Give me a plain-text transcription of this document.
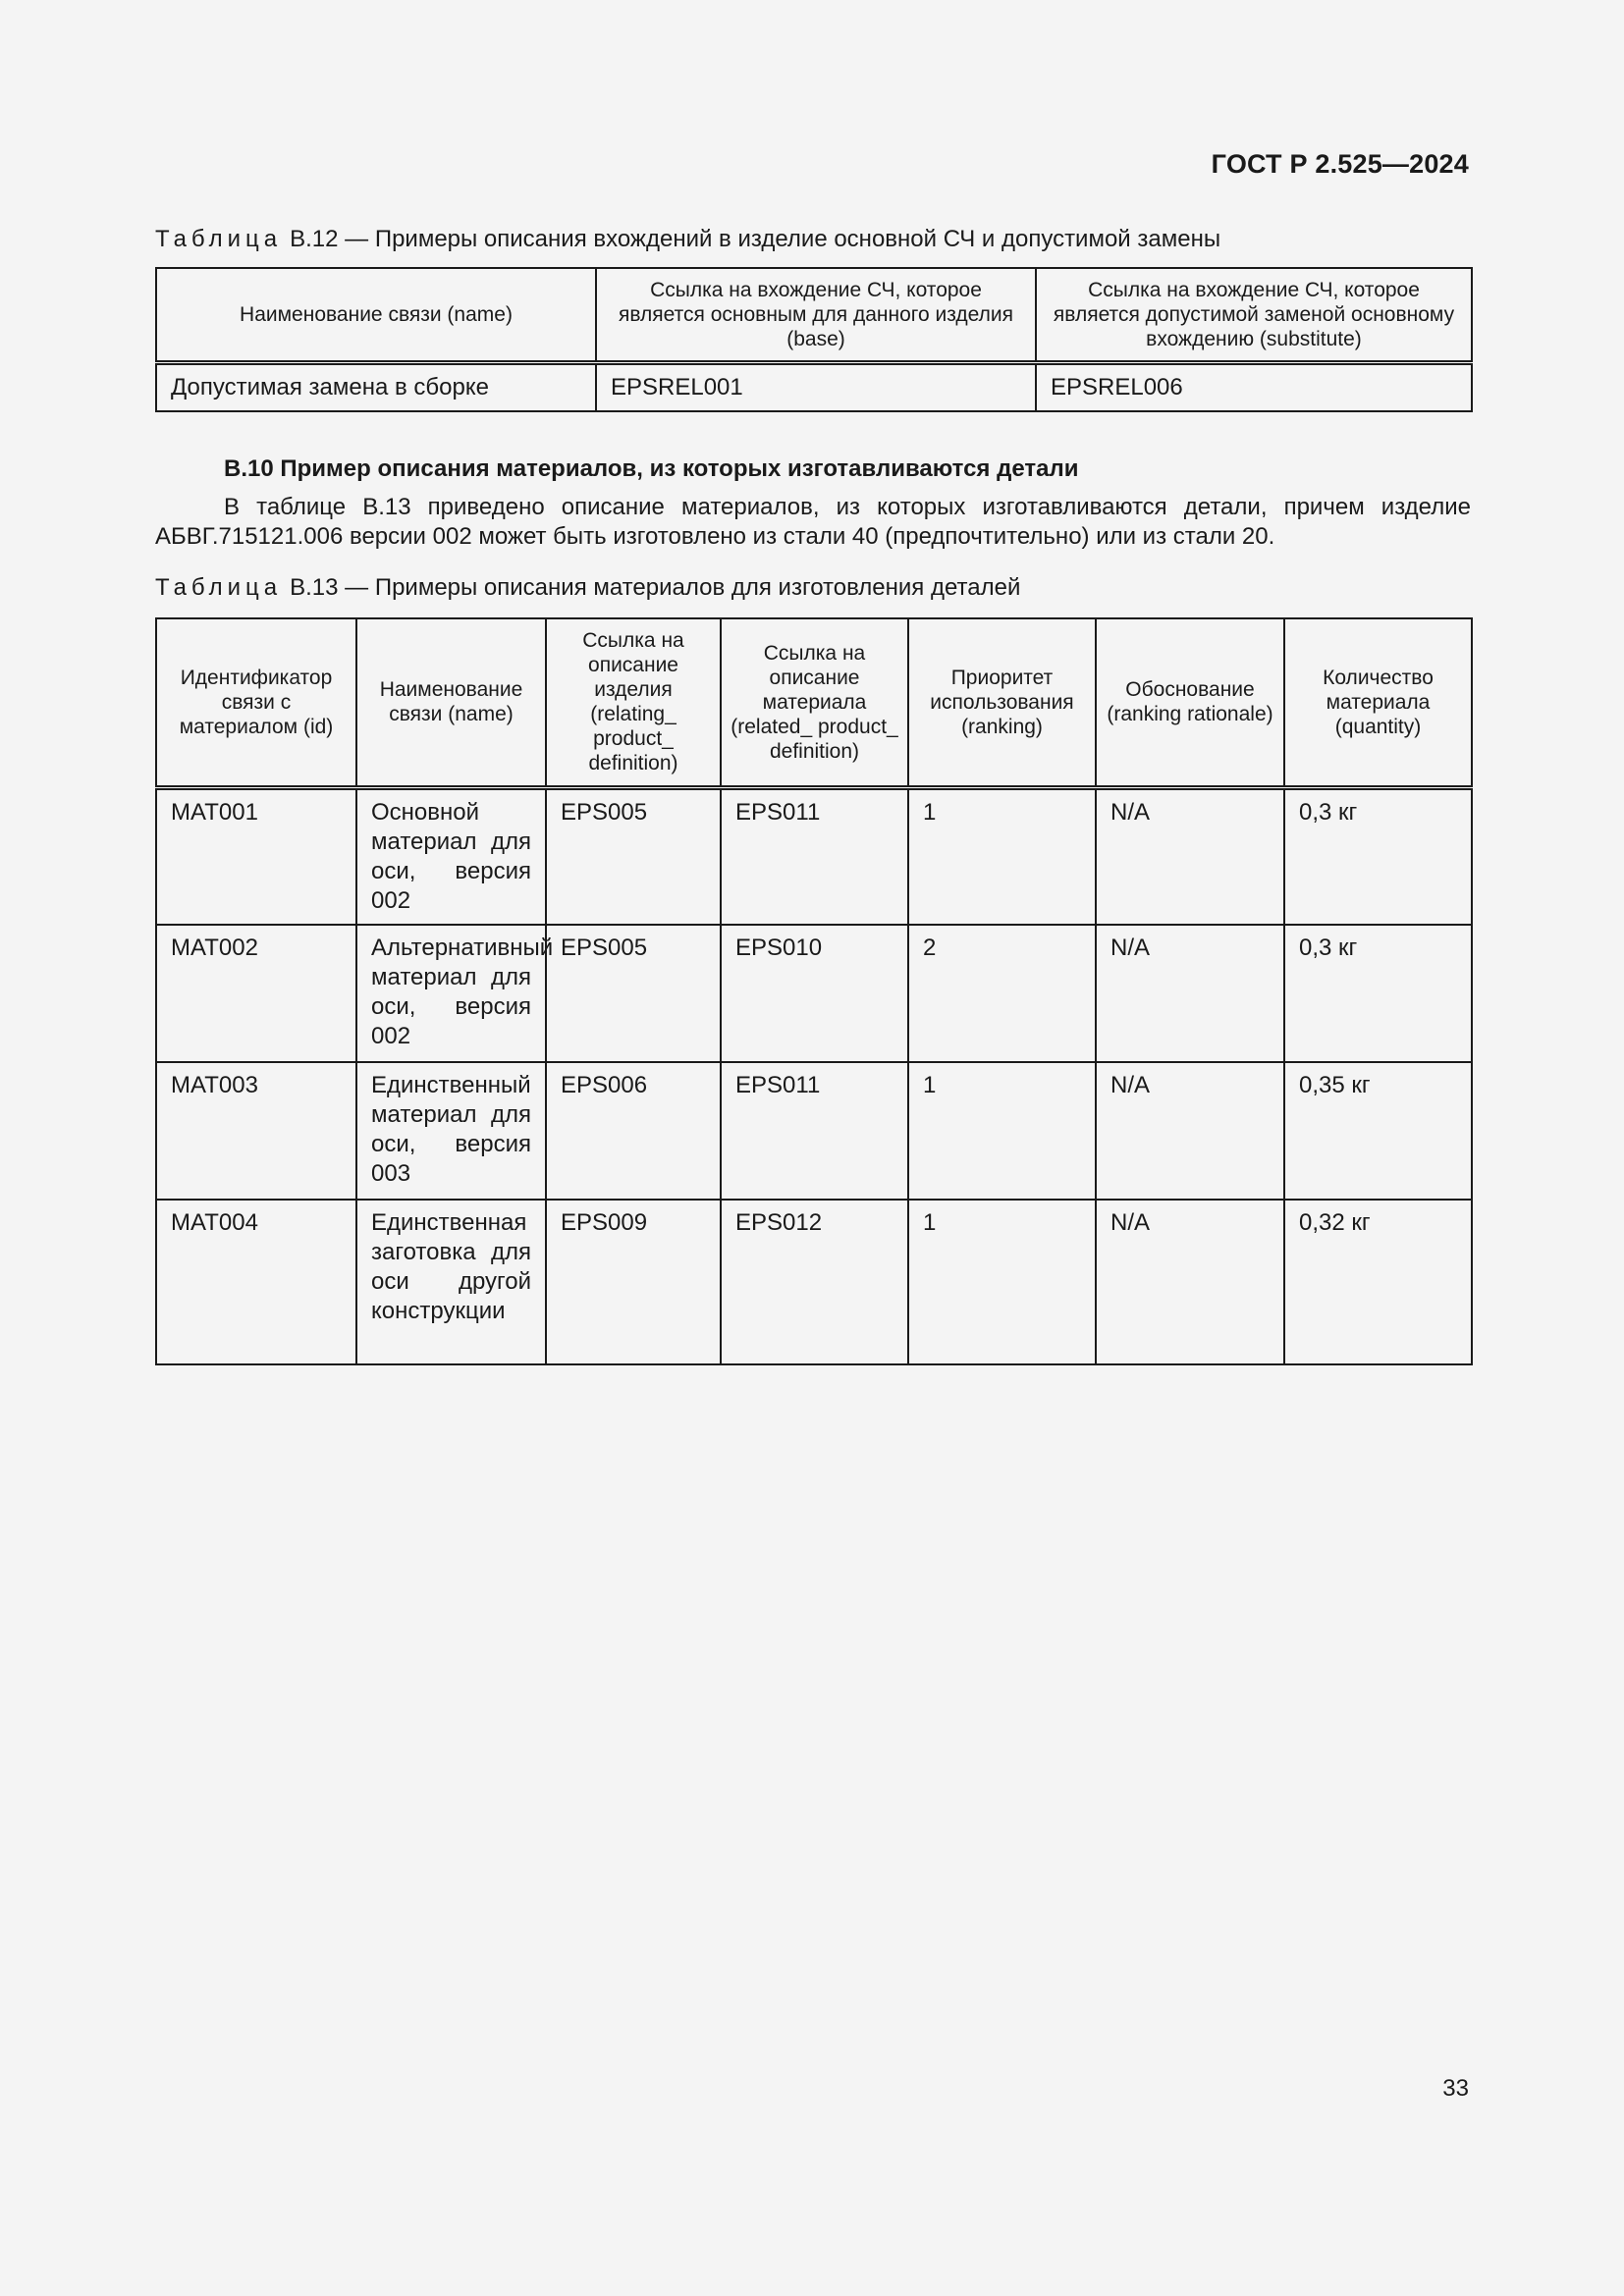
ГОСТ Р 2.525—2024
Таблица В.12 — Примеры описания вхождений в изделие основной СЧ и допустимой замены
Наименование связи (name)	Ссылка на вхождение СЧ, которое является основным для данного изделия (base)	Ссылка на вхождение СЧ, которое является допустимой заменой основному вхождению (substitute)
Допустимая замена в сборке	EPSREL001	EPSREL006
В.10 Пример описания материалов, из которых изготавливаются детали
В таблице В.13 приведено описание материалов, из которых изготавливаются детали, причем изделие АБВГ.715121.006 версии 002 может быть изготовлено из стали 40 (предпочтительно) или из стали 20.
Таблица В.13 — Примеры описания материалов для изготовления деталей
Идентификатор связи с материалом (id)	Наименование связи (name)	Ссылка на описание изделия (relating_ product_ definition)	Ссылка на описание материала (related_ product_ definition)	Приоритет использования (ranking)	Обоснование (ranking rationale)	Количество материала (quantity)
MAT001	Основной материал для оси, версия 002	EPS005	EPS011	1	N/A	0,3 кг
MAT002	Альтернативный материал для оси, версия 002	EPS005	EPS010	2	N/A	0,3 кг
MAT003	Единственный материал для оси, версия 003	EPS006	EPS011	1	N/A	0,35 кг
MAT004	Единственная заготовка для оси другой конструкции	EPS009	EPS012	1	N/A	0,32 кг
33
